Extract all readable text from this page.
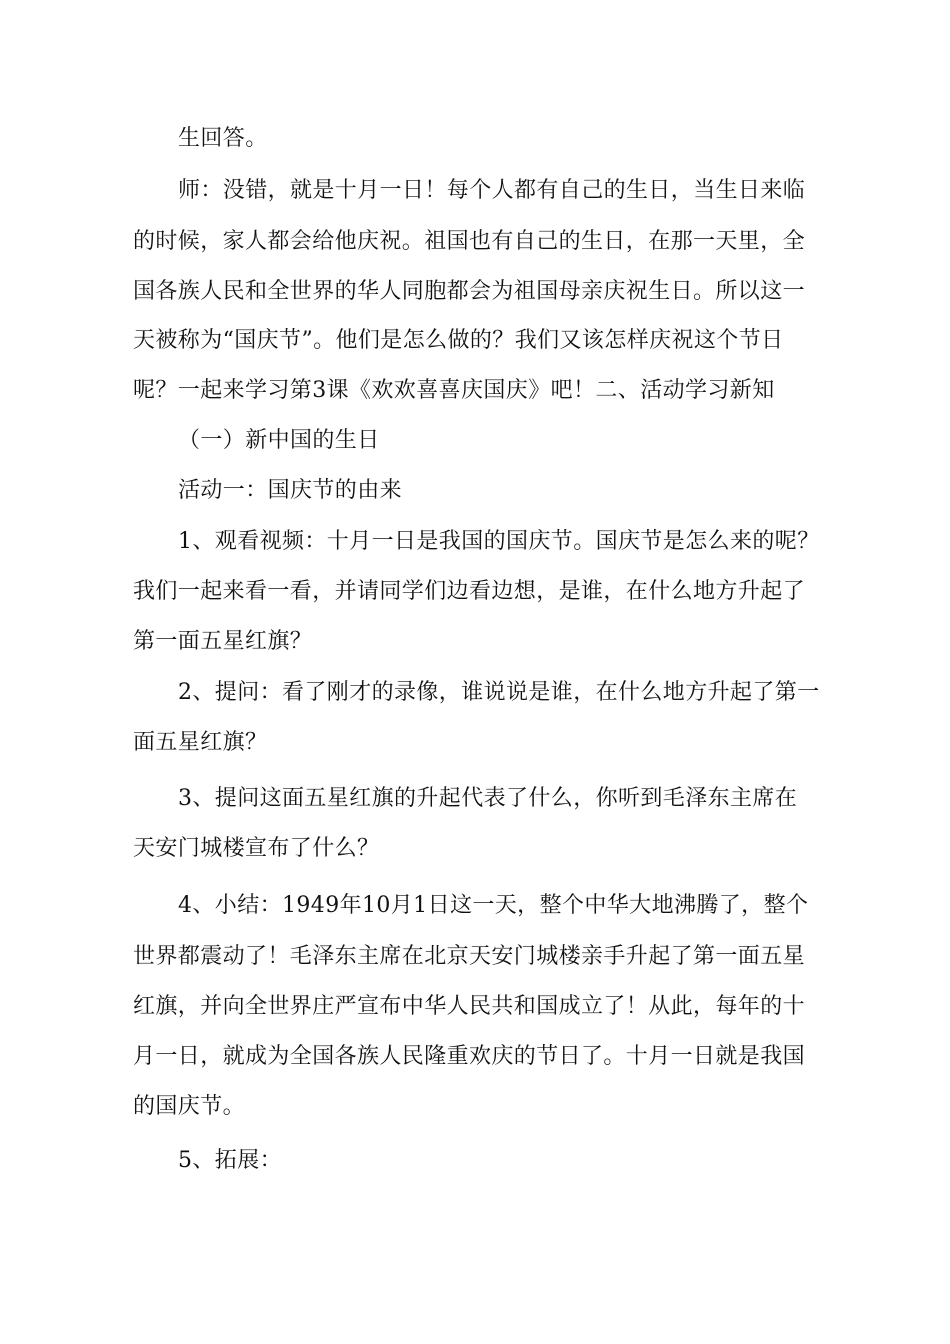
生回答。
师：没错，就是十月一日！每个人都有自己的生日，当生日来临
的时候，家人都会给他庆祝。祖国也有自己的生日，在那一天里，全
国各族人民和全世界的华人同胞都会为祖国母亲庆祝生日。所以这一
天被称为“国庆节”。他们是怎么做的？我们又该怎样庆祝这个节日
呢？一起来学习第3课《欢欢喜喜庆国庆》吧！二、活动学习新知
（一）新中国的生日
活动一：国庆节的由来
1、观看视频：十月一日是我国的国庆节。国庆节是怎么来的呢？
我们一起来看一看，并请同学们边看边想，是谁，在什么地方升起了
第一面五星红旗？
2、提问：看了刚才的录像，谁说说是谁，在什么地方升起了第一
面五星红旗？
3、提问这面五星红旗的升起代表了什么，你听到毛泽东主席在
天安门城楼宣布了什么？
4、小结：1949年10月1日这一天，整个中华大地沸腾了，整个
世界都震动了！毛泽东主席在北京天安门城楼亲手升起了第一面五星
红旗，并向全世界庄严宣布中华人民共和国成立了！从此，每年的十
月一日，就成为全国各族人民隆重欢庆的节日了。十月一日就是我国
的国庆节。
5、拓展：
